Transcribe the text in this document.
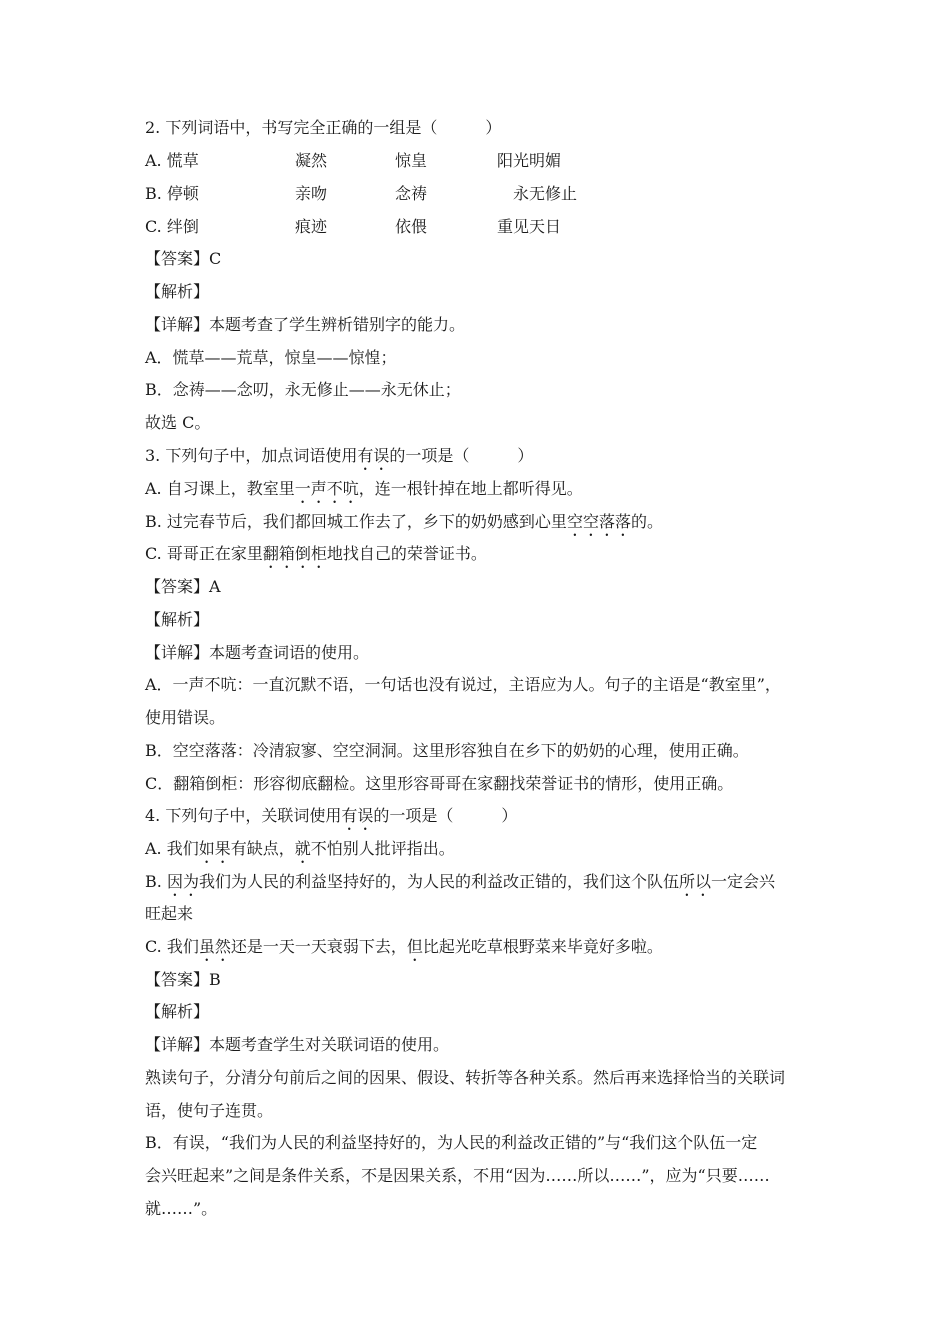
2. 下列词语中，书写完全正确的一组是（　　　）
A. 慌草	凝然	惊皇	阳光明媚
B. 停顿	亲吻	念祷	永无修止
C. 绊倒	痕迹	依偎	重见天日
【答案】C
【解析】
【详解】本题考查了学生辨析错别字的能力。
A．慌草——荒草，惊皇——惊惶；
B．念祷——念叨，永无修止——永无休止；
故选 C。
3. 下列句子中，加点词语使用有误的一项是（　　　）
A. 自习课上，教室里一声不吭，连一根针掉在地上都听得见。
B. 过完春节后，我们都回城工作去了，乡下的奶奶感到心里空空落落的。
C. 哥哥正在家里翻箱倒柜地找自己的荣誉证书。
【答案】A
【解析】
【详解】本题考查词语的使用。
A．一声不吭：一直沉默不语，一句话也没有说过，主语应为人。句子的主语是“教室里”，
使用错误。
B．空空落落：冷清寂寥、空空洞洞。这里形容独自在乡下的奶奶的心理，使用正确。
C．翻箱倒柜：形容彻底翻检。这里形容哥哥在家翻找荣誉证书的情形，使用正确。
4. 下列句子中，关联词使用有误的一项是（　　　）
A. 我们如果有缺点，就不怕别人批评指出。
B. 因为我们为人民的利益坚持好的，为人民的利益改正错的，我们这个队伍所以一定会兴
旺起来
C. 我们虽然还是一天一天衰弱下去，但比起光吃草根野菜来毕竟好多啦。
【答案】B
【解析】
【详解】本题考查学生对关联词语的使用。
熟读句子，分清分句前后之间的因果、假设、转折等各种关系。然后再来选择恰当的关联词
语，使句子连贯。
B．有误，“我们为人民的利益坚持好的，为人民的利益改正错的”与“我们这个队伍一定
会兴旺起来”之间是条件关系，不是因果关系，不用“因为……所以……”，应为“只要……
就……”。
